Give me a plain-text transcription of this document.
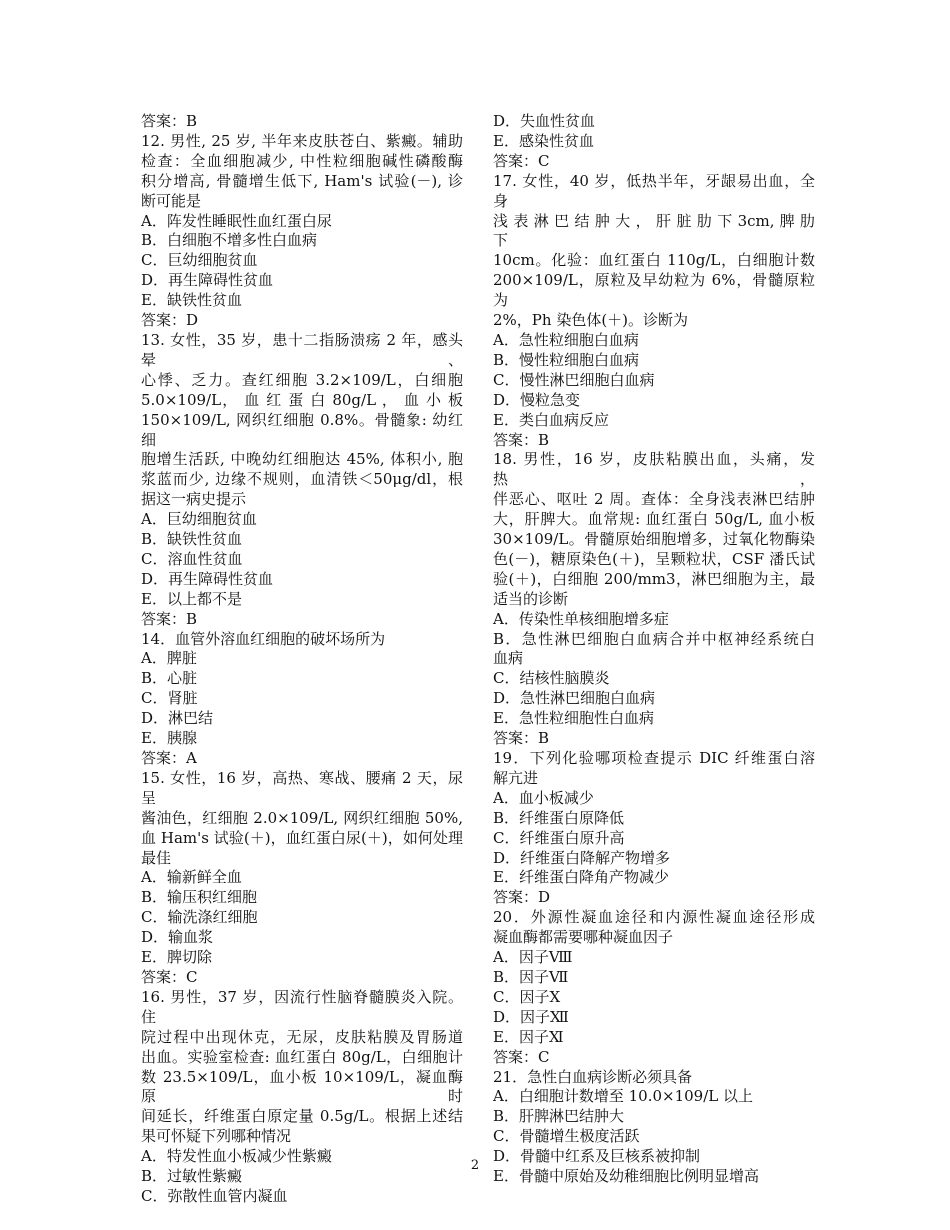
答案：B
12. 男性, 25 岁, 半年来皮肤苍白、紫癜。辅助
检查：全血细胞减少, 中性粒细胞碱性磷酸酶
积分增高, 骨髓增生低下, Ham's 试验(－), 诊
断可能是
A．阵发性睡眠性血红蛋白尿
B．白细胞不增多性白血病
C．巨幼细胞贫血
D．再生障碍性贫血
E．缺铁性贫血
答案：D
13. 女性，35 岁，患十二指肠溃疡 2 年，感头晕、
心悸、乏力。查红细胞 3.2×109/L，白细胞
5.0×109/L， 血 红 蛋 白 80g/L ， 血 小 板
150×109/L, 网织红细胞 0.8%。骨髓象: 幼红细
胞增生活跃, 中晚幼红细胞达 45%, 体积小, 胞
浆蓝而少, 边缘不规则，血清铁＜50μg/dl，根
据这一病史提示
A．巨幼细胞贫血
B．缺铁性贫血
C．溶血性贫血
D．再生障碍性贫血
E．以上都不是
答案：B
14．血管外溶血红细胞的破坏场所为
A．脾脏
B．心脏
C．肾脏
D．淋巴结
E．胰腺
答案：A
15. 女性，16 岁，高热、寒战、腰痛 2 天，尿呈
酱油色，红细胞 2.0×109/L, 网织红细胞 50%,
血 Ham's 试验(＋)，血红蛋白尿(＋)，如何处理
最佳
A．输新鲜全血
B．输压积红细胞
C．输洗涤红细胞
D．输血浆
E．脾切除
答案：C
16. 男性，37 岁，因流行性脑脊髓膜炎入院。住
院过程中出现休克，无尿，皮肤粘膜及胃肠道
出血。实验室检查: 血红蛋白 80g/L，白细胞计
数 23.5×109/L，血小板 10×109/L，凝血酶原时
间延长，纤维蛋白原定量 0.5g/L。根据上述结
果可怀疑下列哪种情况
A．特发性血小板减少性紫癜
B．过敏性紫癜
C．弥散性血管内凝血
D．失血性贫血
E．感染性贫血
答案：C
17. 女性，40 岁，低热半年，牙龈易出血，全身
浅 表 淋 巴 结 肿 大 ， 肝 脏 肋 下 3cm, 脾 肋 下
10cm。化验：血红蛋白 110g/L，白细胞计数
200×109/L，原粒及早幼粒为 6%，骨髓原粒为
2%，Ph 染色体(＋)。诊断为
A．急性粒细胞白血病
B．慢性粒细胞白血病
C．慢性淋巴细胞白血病
D．慢粒急变
E．类白血病反应
答案：B
18. 男性，16 岁，皮肤粘膜出血，头痛，发热，
伴恶心、呕吐 2 周。查体：全身浅表淋巴结肿
大，肝脾大。血常规: 血红蛋白 50g/L, 血小板
30×109/L。骨髓原始细胞增多，过氧化物酶染
色(－)，糖原染色(＋)，呈颗粒状，CSF 潘氏试
验(＋)，白细胞 200/mm3，淋巴细胞为主，最
适当的诊断
A．传染性单核细胞增多症
B．急性淋巴细胞白血病合并中枢神经系统白
血病
C．结核性脑膜炎
D．急性淋巴细胞白血病
E．急性粒细胞性白血病
答案：B
19．下列化验哪项检查提示 DIC 纤维蛋白溶
解亢进
A．血小板减少
B．纤维蛋白原降低
C．纤维蛋白原升高
D．纤维蛋白降解产物增多
E．纤维蛋白降角产物减少
答案：D
20．外源性凝血途径和内源性凝血途径形成
凝血酶都需要哪种凝血因子
A．因子Ⅷ
B．因子Ⅶ
C．因子Ⅹ
D．因子Ⅻ
E．因子Ⅺ
答案：C
21．急性白血病诊断必须具备
A．白细胞计数增至 10.0×109/L 以上
B．肝脾淋巴结肿大
C．骨髓增生极度活跃
D．骨髓中红系及巨核系被抑制
E．骨髓中原始及幼稚细胞比例明显增高
2
